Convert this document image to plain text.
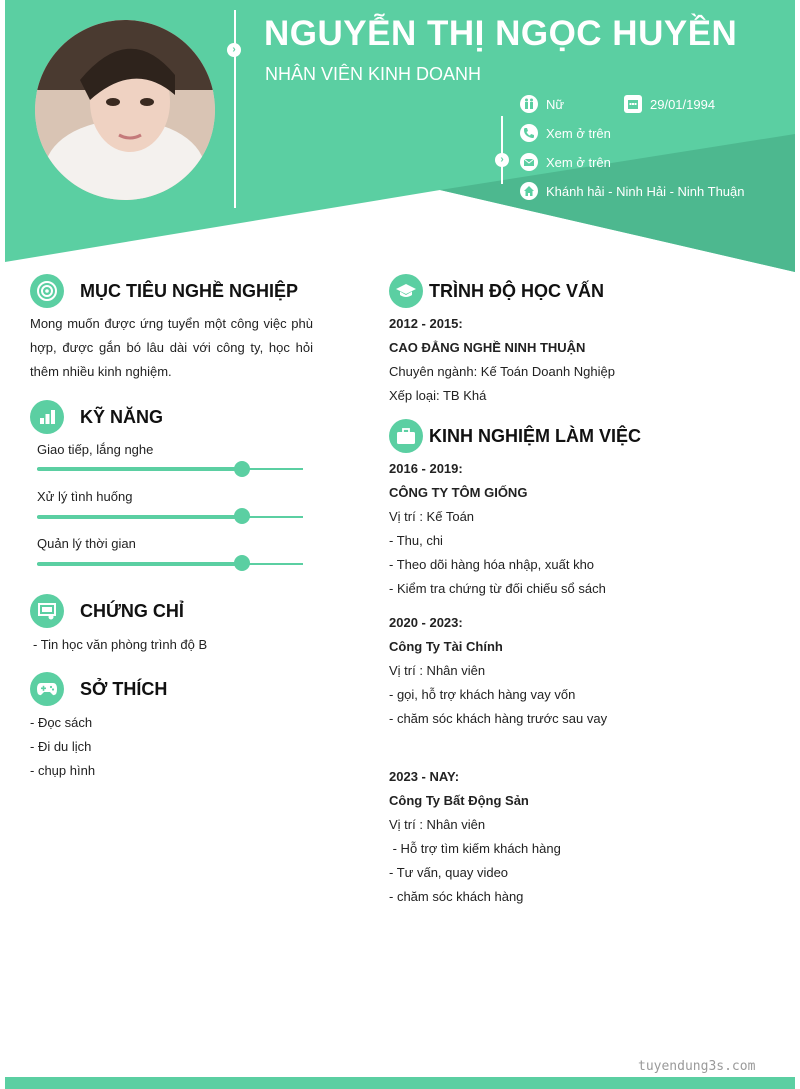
› NGUYỄN THỊ NGỌC HUYỀN
NHÂN VIÊN KINH DOANH
›
Nữ	29/01/1994
Xem ở trên
Xem ở trên
Khánh hải - Ninh Hải - Ninh Thuận
MỤC TIÊU NGHỀ NGHIỆP
Mong muốn được ứng tuyển một công việc phù hợp, được gắn bó lâu dài với công ty, học hỏi thêm nhiều kinh nghiệm.
KỸ NĂNG
Giao tiếp, lắng nghe
Xử lý tình huống
Quản lý thời gian
CHỨNG CHỈ
- Tin học văn phòng trình độ B
SỞ THÍCH
- Đọc sách
- Đi du lịch
- chụp hình
TRÌNH ĐỘ HỌC VẤN
2012 - 2015:
CAO ĐẲNG NGHỀ NINH THUẬN
Chuyên ngành: Kế Toán Doanh Nghiệp
Xếp loại: TB Khá
KINH NGHIỆM LÀM VIỆC
2016 - 2019:
CÔNG TY TÔM GIỐNG
Vị trí : Kế Toán
- Thu, chi
- Theo dõi hàng hóa nhập, xuất kho
- Kiểm tra chứng từ đối chiếu sổ sách
2020 - 2023:
Công Ty Tài Chính
Vị trí : Nhân viên
- gọi, hỗ trợ khách hàng vay vốn
- chăm sóc khách hàng trước sau vay
2023 - NAY:
Công Ty Bất Động Sản
Vị trí : Nhân viên
- Hỗ trợ tìm kiếm khách hàng
- Tư vấn, quay video
- chăm sóc khách hàng
tuyendung3s.com
